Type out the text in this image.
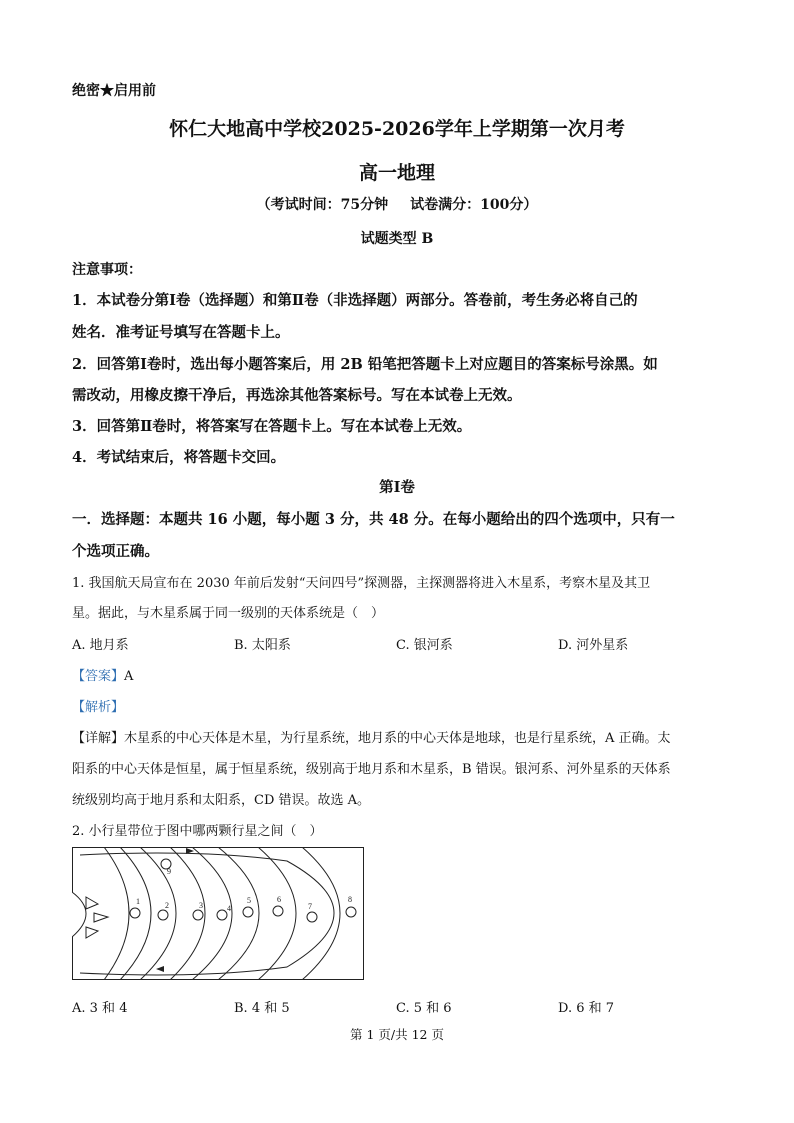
绝密★启用前
怀仁大地高中学校2025-2026学年上学期第一次月考
高一地理
（考试时间：75分钟 试卷满分：100分）
试题类型 B
注意事项：
1．本试卷分第Ⅰ卷（选择题）和第Ⅱ卷（非选择题）两部分。答卷前，考生务必将自己的
姓名．准考证号填写在答题卡上。
2．回答第Ⅰ卷时，选出每小题答案后，用 2B 铅笔把答题卡上对应题目的答案标号涂黑。如
需改动，用橡皮擦干净后，再选涂其他答案标号。写在本试卷上无效。
3．回答第Ⅱ卷时，将答案写在答题卡上。写在本试卷上无效。
4．考试结束后，将答题卡交回。
第Ⅰ卷
一．选择题：本题共 16 小题，每小题 3 分，共 48 分。在每小题给出的四个选项中，只有一
个选项正确。
1. 我国航天局宣布在 2030 年前后发射“天问四号”探测器，主探测器将进入木星系，考察木星及其卫
星。据此，与木星系属于同一级别的天体系统是（　）
A. 地月系	B. 太阳系	C. 银河系	D. 河外星系
【答案】A
【解析】
【详解】木星系的中心天体是木星，为行星系统，地月系的中心天体是地球，也是行星系统，A 正确。太
阳系的中心天体是恒星，属于恒星系统，级别高于地月系和木星系，B 错误。银河系、河外星系的天体系
统级别均高于地月系和太阳系，CD 错误。故选 A。
2. 小行星带位于图中哪两颗行星之间（　）
1	2	3	4
5	6
7
8
9
A. 3 和 4	B. 4 和 5	C. 5 和 6	D. 6 和 7
第 1 页/共 12 页
